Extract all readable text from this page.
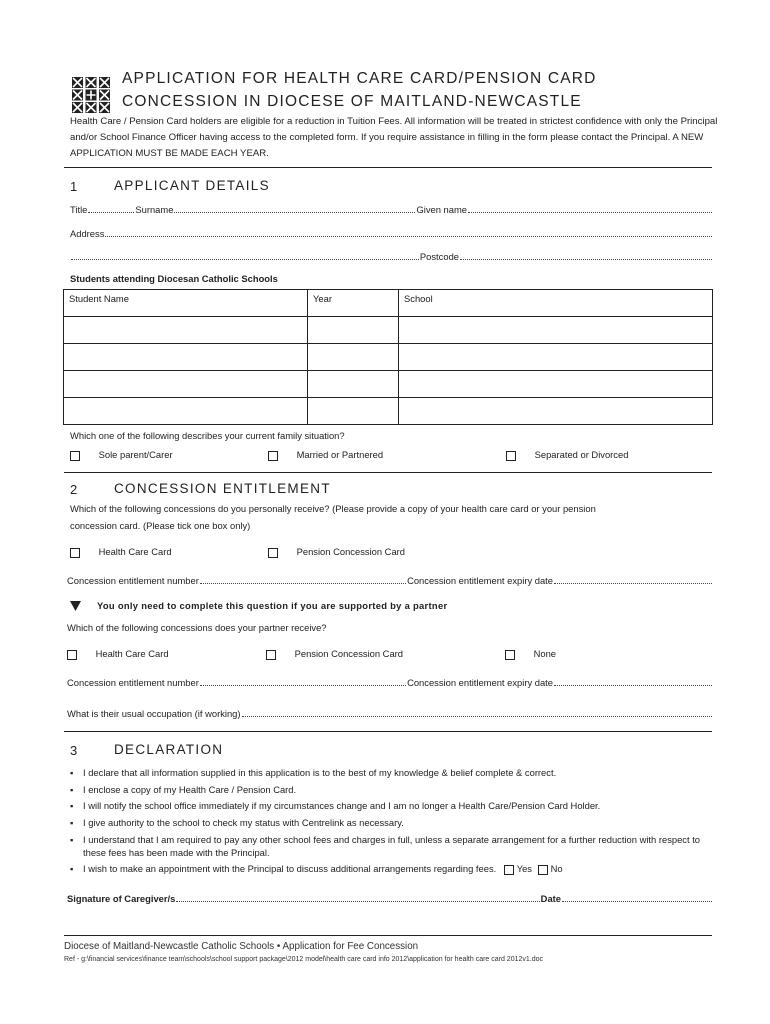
APPLICATION FOR HEALTH CARE CARD/PENSION CARD
CONCESSION IN DIOCESE OF MAITLAND-NEWCASTLE
Health Care / Pension Card holders are eligible for a reduction in Tuition Fees. All information will be treated in strictest confidence with only the Principal and/or School Finance Officer having access to the completed form. If you require assistance in filling in the form please contact the Principal. A NEW APPLICATION MUST BE MADE EACH YEAR.
1	APPLICANT DETAILS
Title	Surname	Given name
Address
Postcode
Students attending Diocesan Catholic Schools
Student Name	Year	School

Which one of the following describes your current family situation?
Sole parent/Carer	Married or Partnered	Separated or Divorced
2	CONCESSION ENTITLEMENT
Which of the following concessions do you personally receive? (Please provide a copy of your health care card or your pension
concession card. (Please tick one box only)
Health Care Card	Pension Concession Card
Concession entitlement number	Concession entitlement expiry date
You only need to complete this question if you are supported by a partner
Which of the following concessions does your partner receive?
Health Care Card	Pension Concession Card	None
Concession entitlement number	Concession entitlement expiry date
What is their usual occupation (if working)
3	DECLARATION
▪	I declare that all information supplied in this application is to the best of my knowledge & belief complete & correct.
▪	I enclose a copy of my Health Care / Pension Card.
▪	I will notify the school office immediately if my circumstances change and I am no longer a Health Care/Pension Card Holder.
▪	I give authority to the school to check my status with Centrelink as necessary.
▪	I understand that I am required to pay any other school fees and charges in full, unless a separate arrangement for a further reduction with respect to these fees has been made with the Principal.
▪	I wish to make an appointment with the Principal to discuss additional arrangements regarding fees.	Yes	No
Signature of Caregiver/s	Date
Diocese of Maitland-Newcastle Catholic Schools • Application for Fee Concession
Ref - g:\financial services\finance team\schools\school support package\2012 model\health care card info 2012\application for health care card 2012v1.doc
